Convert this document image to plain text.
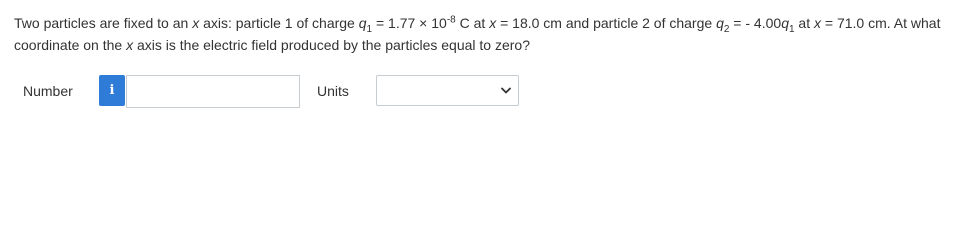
Two particles are fixed to an x axis: particle 1 of charge $q_1 = 1.77 \times 10^{-8}$ C at x = 18.0 cm and particle 2 of charge $q_2$ = - $4.00q_1$ at x = 71.0 cm. At what coordinate on the x axis is the electric field produced by the particles equal to zero?
Number	i	Units
